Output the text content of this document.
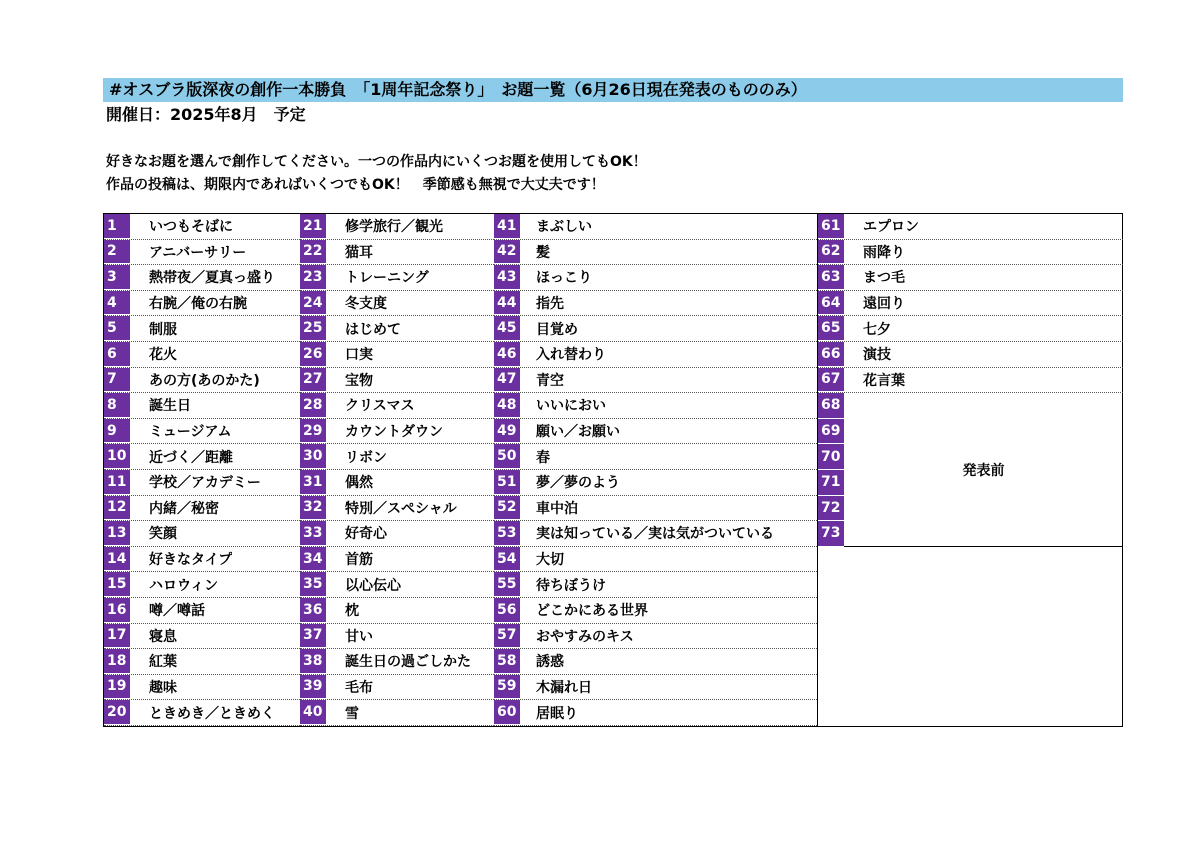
#オスブラ版深夜の創作一本勝負　「1周年記念祭り」　お題一覧（6月26日現在発表のもののみ）
開催日：2025年8月　予定
好きなお題を選んで創作してください。一つの作品内にいくつお題を使用してもOK！
作品の投稿は、期限内であればいくつでもOK！　季節感も無視で大丈夫です！
1	いつもそばに
2	アニバーサリー
3	熱帯夜／夏真っ盛り
4	右腕／俺の右腕
5	制服
6	花火
7	あの方(あのかた)
8	誕生日
9	ミュージアム
10	近づく／距離
11	学校／アカデミー
12	内緒／秘密
13	笑顔
14	好きなタイプ
15	ハロウィン
16	噂／噂話
17	寝息
18	紅葉
19	趣味
20	ときめき／ときめく
21	修学旅行／観光
22	猫耳
23	トレーニング
24	冬支度
25	はじめて
26	口実
27	宝物
28	クリスマス
29	カウントダウン
30	リボン
31	偶然
32	特別／スペシャル
33	好奇心
34	首筋
35	以心伝心
36	枕
37	甘い
38	誕生日の過ごしかた
39	毛布
40	雪
41	まぶしい
42	髪
43	ほっこり
44	指先
45	目覚め
46	入れ替わり
47	青空
48	いいにおい
49	願い／お願い
50	春
51	夢／夢のよう
52	車中泊
53	実は知っている／実は気がついている
54	大切
55	待ちぼうけ
56	どこかにある世界
57	おやすみのキス
58	誘惑
59	木漏れ日
60	居眠り
61	エプロン
62	雨降り
63	まつ毛
64	遠回り
65	七夕
66	演技
67	花言葉
68
69
70
71
72
73
発表前
